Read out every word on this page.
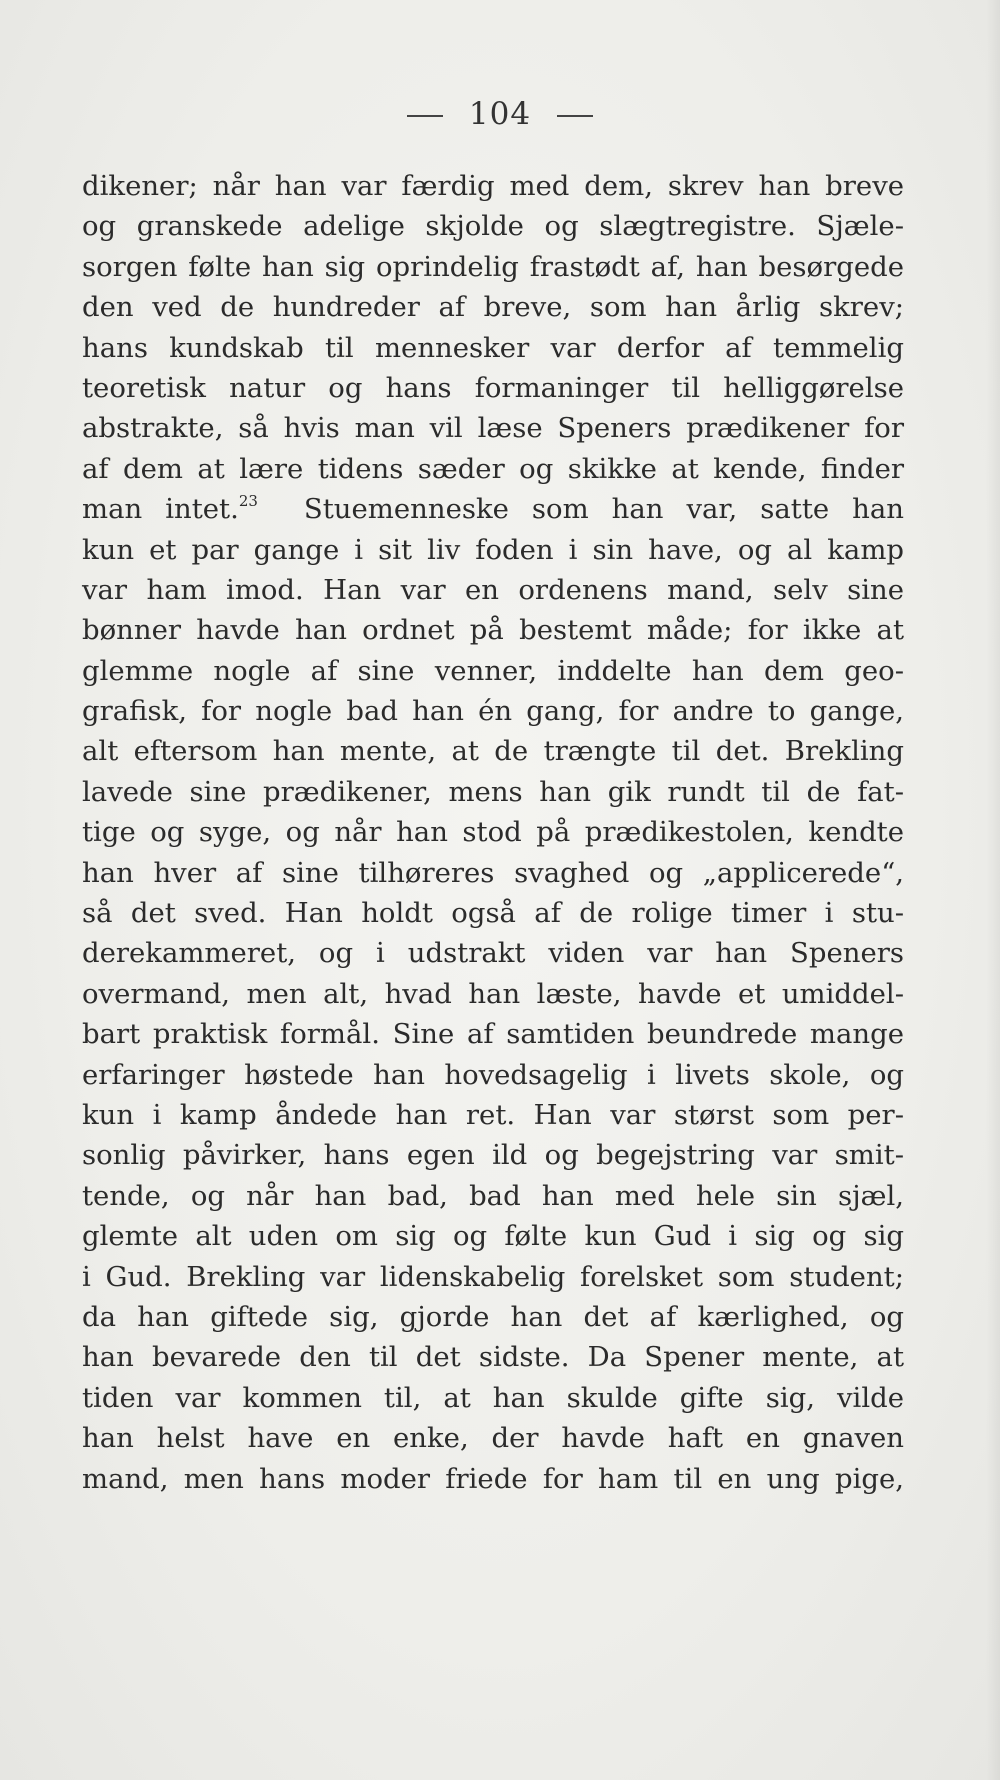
104
dikener; når han var færdig med dem, skrev han breve
og granskede adelige skjolde og slægtregistre. Sjæle-
sorgen følte han sig oprindelig frastødt af, han besørgede
den ved de hundreder af breve, som han årlig skrev;
hans kundskab til mennesker var derfor af temmelig
teoretisk natur og hans formaninger til helliggørelse
abstrakte, så hvis man vil læse Speners prædikener for
af dem at lære tidens sæder og skikke at kende, finder
man intet.$^{23}$ Stuemenneske som han var, satte han
kun et par gange i sit liv foden i sin have, og al kamp
var ham imod. Han var en ordenens mand, selv sine
bønner havde han ordnet på bestemt måde; for ikke at
glemme nogle af sine venner, inddelte han dem geo-
grafisk, for nogle bad han én gang, for andre to gange,
alt eftersom han mente, at de trængte til det. Brekling
lavede sine prædikener, mens han gik rundt til de fat-
tige og syge, og når han stod på prædikestolen, kendte
han hver af sine tilhøreres svaghed og „applicerede“,
så det sved. Han holdt også af de rolige timer i stu-
derekammeret, og i udstrakt viden var han Speners
overmand, men alt, hvad han læste, havde et umiddel-
bart praktisk formål. Sine af samtiden beundrede mange
erfaringer høstede han hovedsagelig i livets skole, og
kun i kamp åndede han ret. Han var størst som per-
sonlig påvirker, hans egen ild og begejstring var smit-
tende, og når han bad, bad han med hele sin sjæl,
glemte alt uden om sig og følte kun Gud i sig og sig
i Gud. Brekling var lidenskabelig forelsket som student;
da han giftede sig, gjorde han det af kærlighed, og
han bevarede den til det sidste. Da Spener mente, at
tiden var kommen til, at han skulde gifte sig, vilde
han helst have en enke, der havde haft en gnaven
mand, men hans moder friede for ham til en ung pige,
